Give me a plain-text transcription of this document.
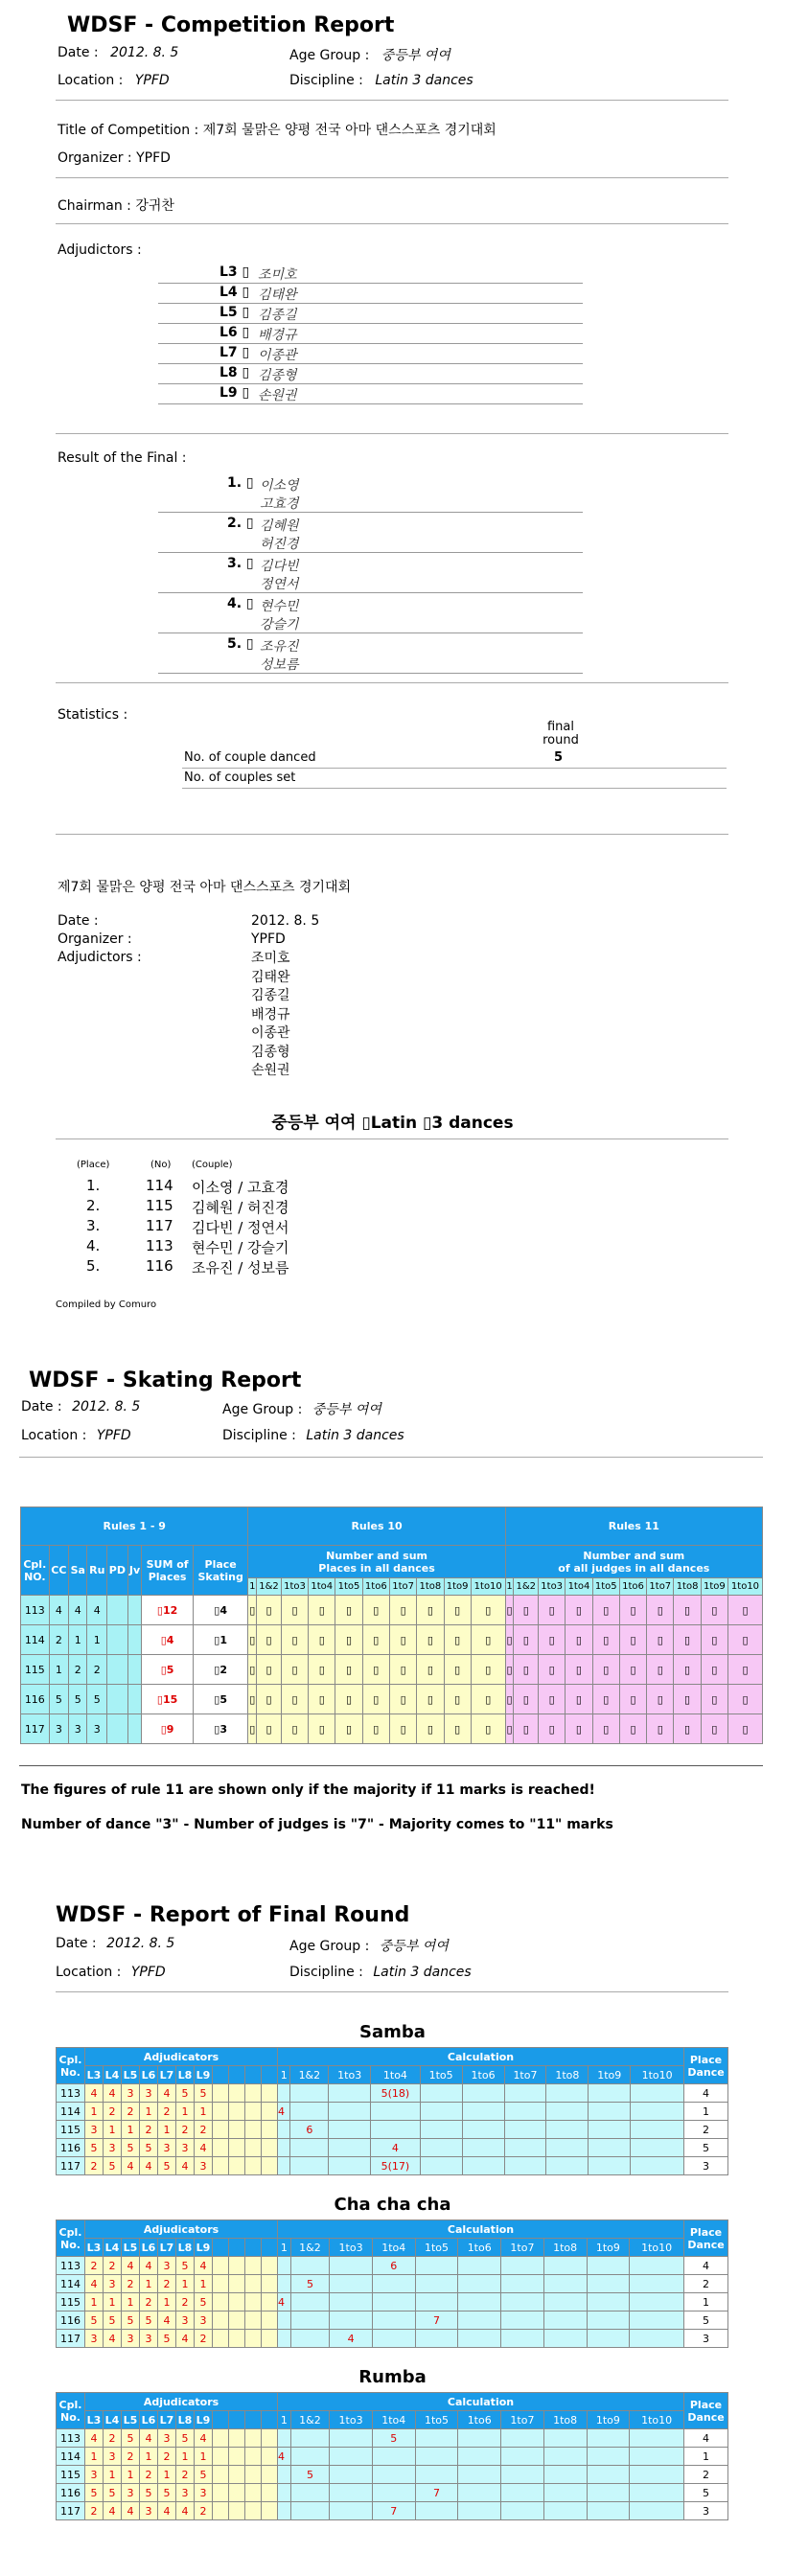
WDSF - Competition Report
Date : 2012. 8. 5	Age Group : 중등부 여여
Location : YPFD	Discipline : Latin 3 dances
Title of Competition : 제7회 물맑은 양평 전국 아마 댄스스포츠 경기대회
Organizer : YPFD
Chairman : 강귀찬
Adjudictors :
L3 ▯ 조미호
L4 ▯ 김태완
L5 ▯ 김종길
L6 ▯ 배경규
L7 ▯ 이종관
L8 ▯ 김종형
L9 ▯ 손원권
Result of the Final :
1. ▯ 이소영
고효경
2. ▯ 김혜원
허진경
3. ▯ 김다빈
정연서
4. ▯ 현수민
강슬기
5. ▯ 조유진
성보름
Statistics :
final
round
No. of couple danced	5
No. of couples set
제7회 물맑은 양평 전국 아마 댄스스포츠 경기대회
Date :	2012. 8. 5
Organizer :	YPFD
Adjudictors :	조미호
김태완
김종길
배경규
이종관
김종형
손원권
중등부 여여 ▯Latin ▯3 dances
(Place)	(No) (Couple)
1.	114 이소영 / 고효경
2.	115 김혜원 / 허진경
3.	117 김다빈 / 정연서
4.	113 현수민 / 강슬기
5.	116 조유진 / 성보름
Compiled by Comuro
WDSF - Skating Report
Date : 2012. 8. 5	Age Group : 중등부 여여
Location : YPFD	Discipline : Latin 3 dances
Rules 1 - 9								Rules 10										Rules 11									
Cpl.
NO.	CC	Sa	Ru	PD	Jv	SUM of
Places	Place
Skating	Number and sum
Places in all dances										Number and sum
of all judges in all dances									
								1	1&2	1to3	1to4	1to5	1to6	1to7	1to8	1to9	1to10	1	1&2	1to3	1to4	1to5	1to6	1to7	1to8	1to9	1to10
113	4	4	4			▯12	▯4	▯	▯	▯	▯	▯	▯	▯	▯	▯	▯	▯	▯	▯	▯	▯	▯	▯	▯	▯	▯
114	2	1	1			▯4	▯1	▯	▯	▯	▯	▯	▯	▯	▯	▯	▯	▯	▯	▯	▯	▯	▯	▯	▯	▯	▯
115	1	2	2			▯5	▯2	▯	▯	▯	▯	▯	▯	▯	▯	▯	▯	▯	▯	▯	▯	▯	▯	▯	▯	▯	▯
116	5	5	5			▯15	▯5	▯	▯	▯	▯	▯	▯	▯	▯	▯	▯	▯	▯	▯	▯	▯	▯	▯	▯	▯	▯
117	3	3	3			▯9	▯3	▯	▯	▯	▯	▯	▯	▯	▯	▯	▯	▯	▯	▯	▯	▯	▯	▯	▯	▯	▯
The figures of rule 11 are shown only if the majority if 11 marks is reached!
Number of dance "3" - Number of judges is "7" - Majority comes to "11" marks
WDSF - Report of Final Round
Date : 2012. 8. 5	Age Group : 중등부 여여
Location : YPFD	Discipline : Latin 3 dances
Samba
Cpl.
No.	Adjudicators											Calculation										Place
Dance
	L3	L4	L5	L6	L7	L8	L9					1	1&2	1to3	1to4	1to5	1to6	1to7	1to8	1to9	1to10	
113	4	4	3	3	4	5	5								5(18)							4
114	1	2	2	1	2	1	1					4										1
115	3	1	1	2	1	2	2						6									2
116	5	3	5	5	3	3	4								4							5
117	2	5	4	4	5	4	3								5(17)							3
Cha cha cha
Cpl.
No.	Adjudicators											Calculation										Place
Dance
	L3	L4	L5	L6	L7	L8	L9					1	1&2	1to3	1to4	1to5	1to6	1to7	1to8	1to9	1to10	
113	2	2	4	4	3	5	4								6							4
114	4	3	2	1	2	1	1						5									2
115	1	1	1	2	1	2	5					4										1
116	5	5	5	5	4	3	3									7						5
117	3	4	3	3	5	4	2							4								3
Rumba
Cpl.
No.	Adjudicators											Calculation										Place
Dance
	L3	L4	L5	L6	L7	L8	L9					1	1&2	1to3	1to4	1to5	1to6	1to7	1to8	1to9	1to10	
113	4	2	5	4	3	5	4								5							4
114	1	3	2	1	2	1	1					4										1
115	3	1	1	2	1	2	5						5									2
116	5	5	3	5	5	3	3									7						5
117	2	4	4	3	4	4	2								7							3
